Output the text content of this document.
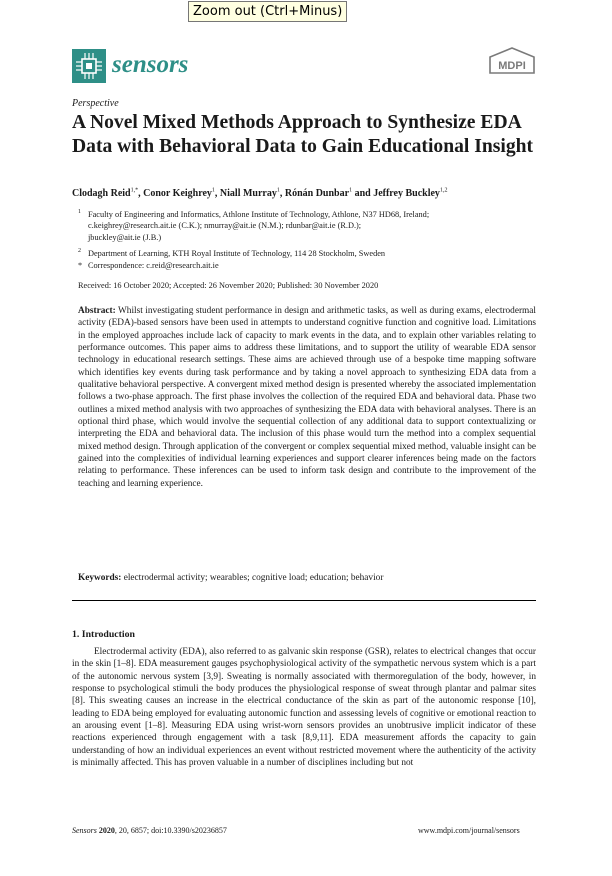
Zoom out (Ctrl+Minus)
sensors	MDPI
Perspective
A Novel Mixed Methods Approach to Synthesize EDA Data with Behavioral Data to Gain Educational Insight
Clodagh Reid$^{1,*}$, Conor Keighrey$^1$, Niall Murray$^1$, Rónán Dunbar$^1$ and Jeffrey Buckley$^{1,2}$
$^1$ Faculty of Engineering and Informatics, Athlone Institute of Technology, Athlone, N37 HD68, Ireland;
c.keighrey@research.ait.ie (C.K.); nmurray@ait.ie (N.M.); rdunbar@ait.ie (R.D.);
jbuckley@ait.ie (J.B.)
$^2$ Department of Learning, KTH Royal Institute of Technology, 114 28 Stockholm, Sweden
* Correspondence: c.reid@research.ait.ie
Received: 16 October 2020; Accepted: 26 November 2020; Published: 30 November 2020
Abstract: Whilst investigating student performance in design and arithmetic tasks, as well as during exams, electrodermal activity (EDA)-based sensors have been used in attempts to understand cognitive function and cognitive load. Limitations in the employed approaches include lack of capacity to mark events in the data, and to explain other variables relating to performance outcomes. This paper aims to address these limitations, and to support the utility of wearable EDA sensor technology in educational research settings. These aims are achieved through use of a bespoke time mapping software which identifies key events during task performance and by taking a novel approach to synthesizing EDA data from a qualitative behavioral perspective. A convergent mixed method design is presented whereby the associated implementation follows a two-phase approach. The first phase involves the collection of the required EDA and behavioral data. Phase two outlines a mixed method analysis with two approaches of synthesizing the EDA data with behavioral analyses. There is an optional third phase, which would involve the sequential collection of any additional data to support contextualizing or interpreting the EDA and behavioral data. The inclusion of this phase would turn the method into a complex sequential mixed method design. Through application of the convergent or complex sequential mixed method, valuable insight can be gained into the complexities of individual learning experiences and support clearer inferences being made on the factors relating to performance. These inferences can be used to inform task design and contribute to the improvement of the teaching and learning experience.
Keywords: electrodermal activity; wearables; cognitive load; education; behavior
1. Introduction
Electrodermal activity (EDA), also referred to as galvanic skin response (GSR), relates to electrical changes that occur in the skin [1–8]. EDA measurement gauges psychophysiological activity of the sympathetic nervous system which is a part of the autonomic nervous system [3,9]. Sweating is normally associated with thermoregulation of the body, however, in response to psychological stimuli the body produces the physiological response of sweat through plantar and palmar sites [8]. This sweating causes an increase in the electrical conductance of the skin as part of the autonomic response [10], leading to EDA being employed for evaluating autonomic function and assessing levels of cognitive or emotional reaction to an arousing event [1–8]. Measuring EDA using wrist-worn sensors provides an unobtrusive implicit indicator of these reactions experienced through engagement with a task [8,9,11]. EDA measurement affords the capacity to gain understanding of how an individual experiences an event without restricted movement where the authenticity of the activity is minimally affected. This has proven valuable in a number of disciplines including but not
Sensors 2020, 20, 6857; doi:10.3390/s20236857	www.mdpi.com/journal/sensors
